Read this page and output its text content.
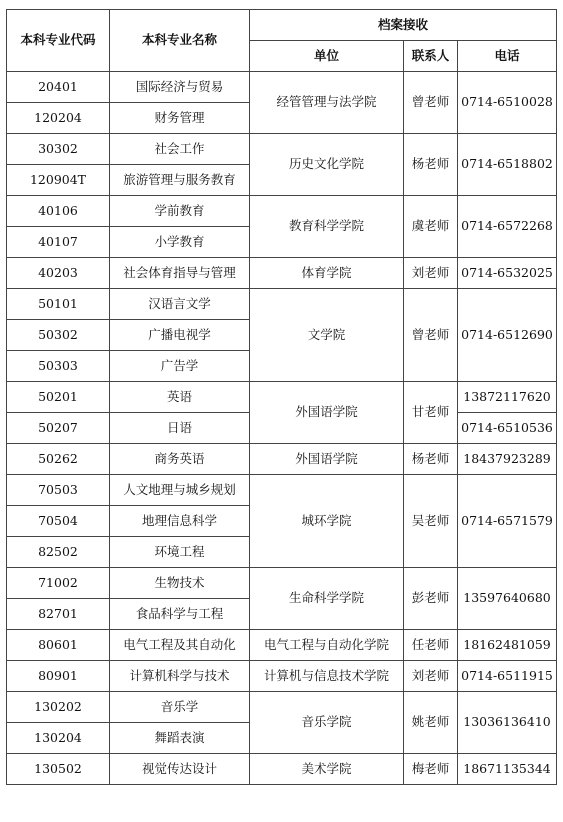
本科专业代码	本科专业名称	档案接收		
		单位	联系人	电话
20401	国际经济与贸易	经管管理与法学院	曾老师	0714-6510028
120204	财务管理			
30302	社会工作	历史文化学院	杨老师	0714-6518802
120904T	旅游管理与服务教育			
40106	学前教育	教育科学学院	虞老师	0714-6572268
40107	小学教育			
40203	社会体育指导与管理	体育学院	刘老师	0714-6532025
50101	汉语言文学	文学院	曾老师	0714-6512690
50302	广播电视学			
50303	广告学			
50201	英语	外国语学院	甘老师	13872117620
50207	日语			0714-6510536
50262	商务英语	外国语学院	杨老师	18437923289
70503	人文地理与城乡规划	城环学院	吴老师	0714-6571579
70504	地理信息科学			
82502	环境工程			
71002	生物技术	生命科学学院	彭老师	13597640680
82701	食品科学与工程			
80601	电气工程及其自动化	电气工程与自动化学院	任老师	18162481059
80901	计算机科学与技术	计算机与信息技术学院	刘老师	0714-6511915
130202	音乐学	音乐学院	姚老师	13036136410
130204	舞蹈表演			
130502	视觉传达设计	美术学院	梅老师	18671135344
